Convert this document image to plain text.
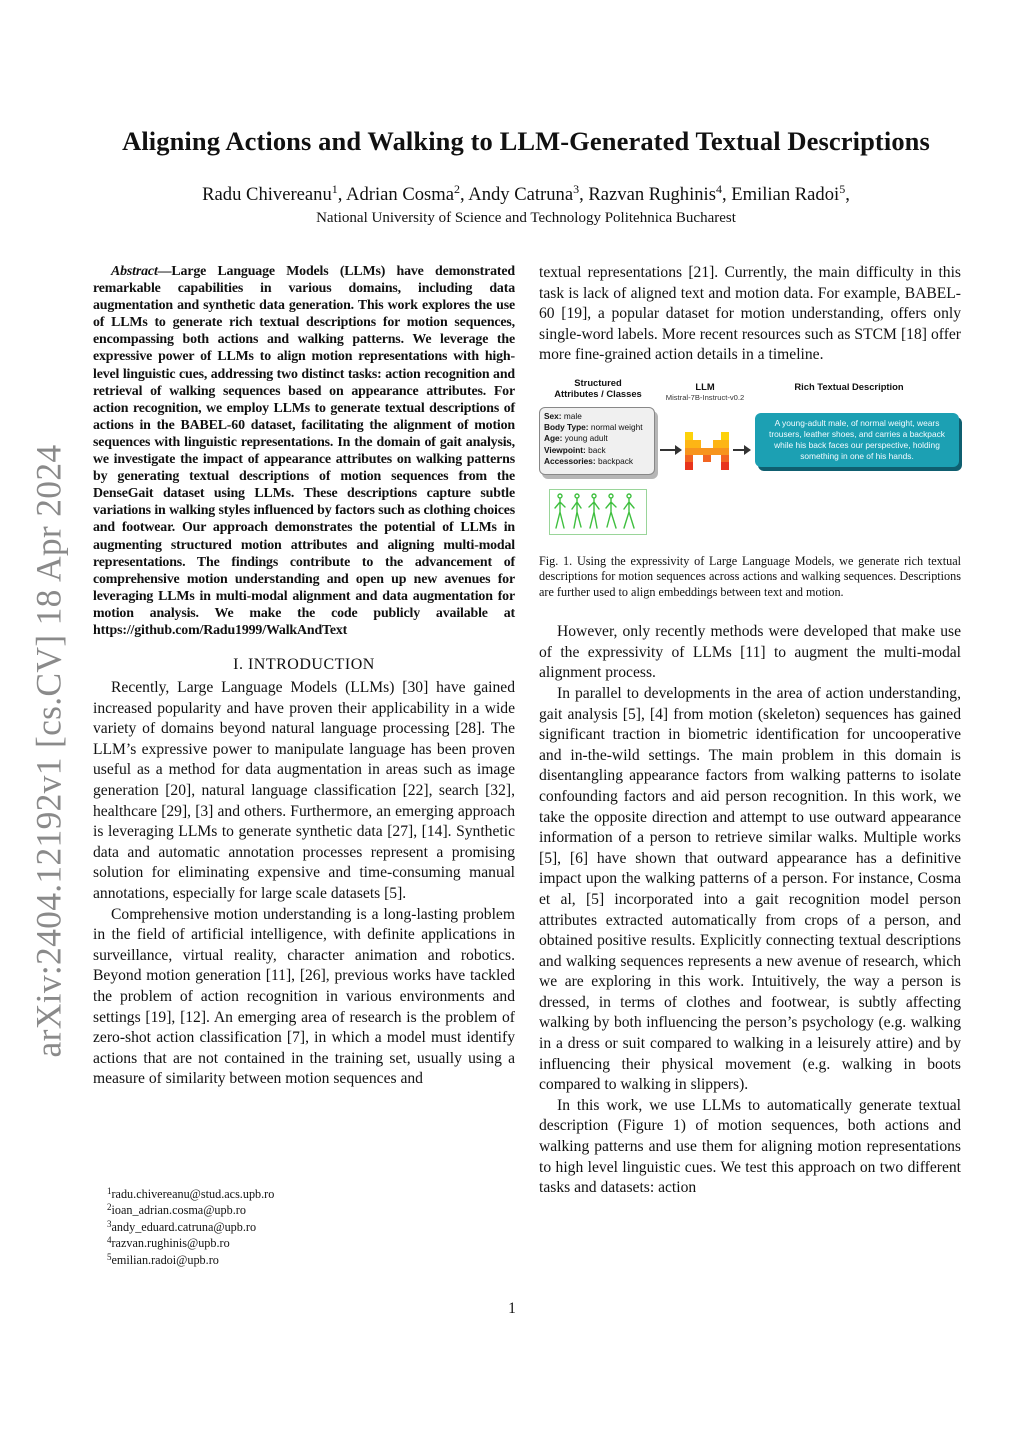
arXiv:2404.12192v1 [cs.CV] 18 Apr 2024
Aligning Actions and Walking to LLM-Generated Textual Descriptions
Radu Chivereanu$^1$, Adrian Cosma$^2$, Andy Catruna$^3$, Razvan Rughinis$^4$, Emilian Radoi$^5$,
National University of Science and Technology Politehnica Bucharest

Abstract—Large Language Models (LLMs) have demonstrated remarkable capabilities in various domains, including data augmentation and synthetic data generation. This work explores the use of LLMs to generate rich textual descriptions for motion sequences, encompassing both actions and walking patterns. We leverage the expressive power of LLMs to align motion representations with high-level linguistic cues, addressing two distinct tasks: action recognition and retrieval of walking sequences based on appearance attributes. For action recognition, we employ LLMs to generate textual descriptions of actions in the BABEL-60 dataset, facilitating the alignment of motion sequences with linguistic representations. In the domain of gait analysis, we investigate the impact of appearance attributes on walking patterns by generating textual descriptions of motion sequences from the DenseGait dataset using LLMs. These descriptions capture subtle variations in walking styles influenced by factors such as clothing choices and footwear. Our approach demonstrates the potential of LLMs in augmenting structured motion attributes and aligning multi-modal representations. The findings contribute to the advancement of comprehensive motion understanding and open up new avenues for leveraging LLMs in multi-modal alignment and data augmentation for motion analysis. We make the code publicly available at https://github.com/Radu1999/WalkAndText

I. INTRODUCTION

Recently, Large Language Models (LLMs) [30] have gained increased popularity and have proven their applicability in a wide variety of domains beyond natural language processing [28]. The LLM’s expressive power to manipulate language has been proven useful as a method for data augmentation in areas such as image generation [20], natural language classification [22], search [32], healthcare [29], [3] and others. Furthermore, an emerging approach is leveraging LLMs to generate synthetic data [27], [14]. Synthetic data and automatic annotation processes represent a promising solution for eliminating expensive and time-consuming manual annotations, especially for large scale datasets [5].

Comprehensive motion understanding is a long-lasting problem in the field of artificial intelligence, with definite applications in surveillance, virtual reality, character animation and robotics. Beyond motion generation [11], [26], previous works have tackled the problem of action recognition in various environments and settings [19], [12]. An emerging area of research is the problem of zero-shot action classification [7], in which a model must identify actions that are not contained in the training set, usually using a measure of similarity between motion sequences and

$^1$radu.chivereanu@stud.acs.upb.ro
$^2$ioan_adrian.cosma@upb.ro
$^3$andy_eduard.catruna@upb.ro
$^4$razvan.rughinis@upb.ro
$^5$emilian.radoi@upb.ro

textual representations [21]. Currently, the main difficulty in this task is lack of aligned text and motion data. For example, BABEL-60 [19], a popular dataset for motion understanding, offers only single-word labels. More recent resources such as STCM [18] offer more fine-grained action details in a timeline.

Structured
Attributes / Classes
LLM
Mistral-7B-Instruct-v0.2
Rich Textual Description
Sex: male
Body Type: normal weight
Age: young adult
Viewpoint: back
Accessories: backpack
A young-adult male, of normal weight, wears trousers, leather shoes, and carries a backpack while his back faces our perspective, holding something in one of his hands.

Fig. 1. Using the expressivity of Large Language Models, we generate rich textual descriptions for motion sequences across actions and walking sequences. Descriptions are further used to align embeddings between text and motion.

However, only recently methods were developed that make use of the expressivity of LLMs [11] to augment the multi-modal alignment process.

In parallel to developments in the area of action understanding, gait analysis [5], [4] from motion (skeleton) sequences has gained significant traction in biometric identification for uncooperative and in-the-wild settings. The main problem in this domain is disentangling appearance factors from walking patterns to isolate confounding factors and aid person recognition. In this work, we take the opposite direction and attempt to use outward appearance information of a person to retrieve similar walks. Multiple works [5], [6] have shown that outward appearance has a definitive impact upon the walking patterns of a person. For instance, Cosma et al, [5] incorporated into a gait recognition model person attributes extracted automatically from crops of a person, and obtained positive results. Explicitly connecting textual descriptions and walking sequences represents a new avenue of research, which we are exploring in this work. Intuitively, the way a person is dressed, in terms of clothes and footwear, is subtly affecting walking by both influencing the person’s psychology (e.g. walking in a dress or suit compared to walking in a leisurely attire) and by influencing their physical movement (e.g. walking in boots compared to walking in slippers).

In this work, we use LLMs to automatically generate textual description (Figure 1) of motion sequences, both actions and walking patterns and use them for aligning motion representations to high level linguistic cues. We test this approach on two different tasks and datasets: action

1
